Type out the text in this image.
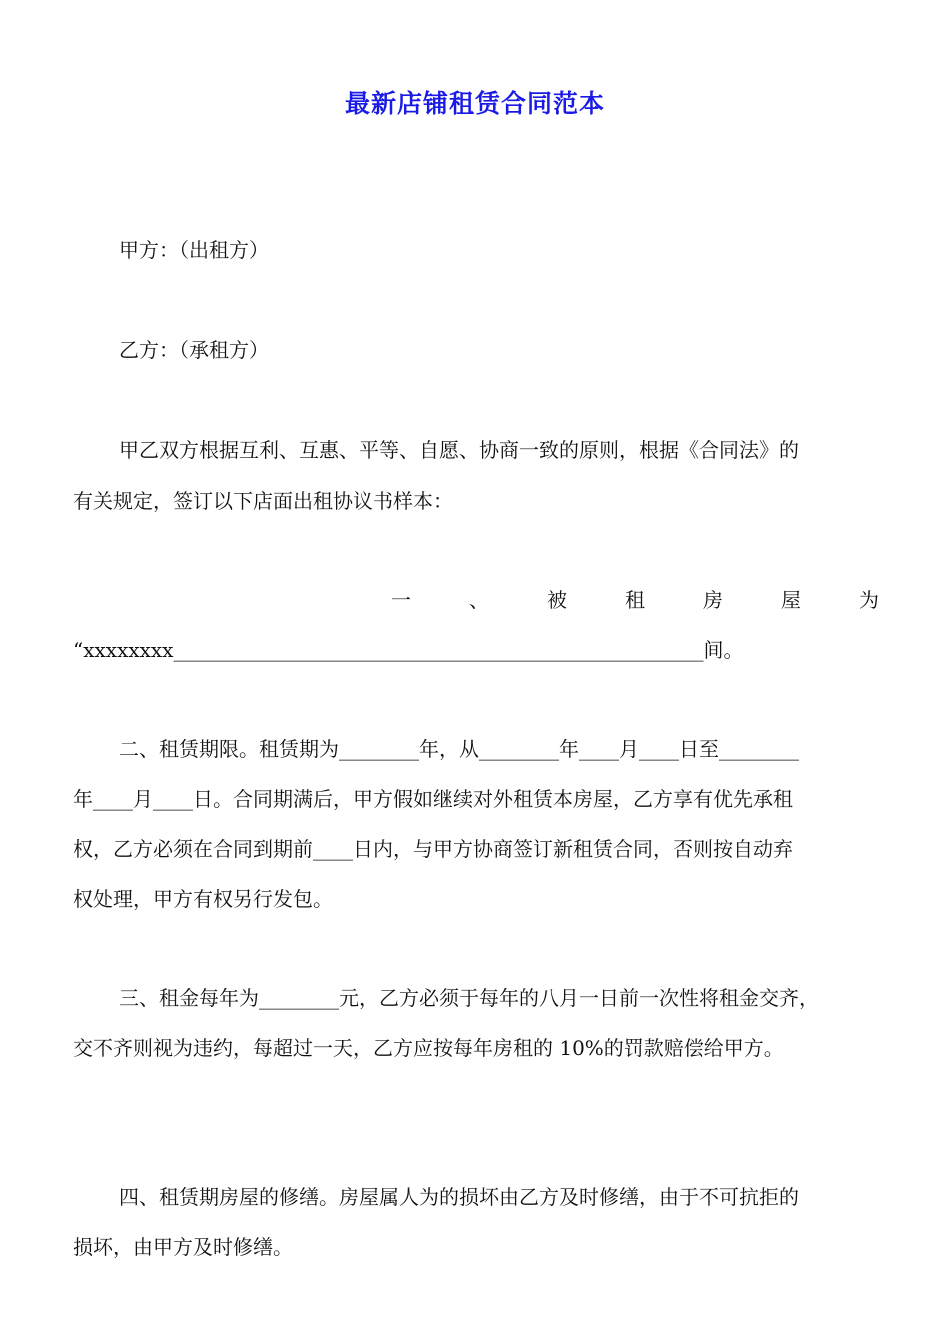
最新店铺租赁合同范本
甲方：（出租方）
乙方：（承租方）
甲乙双方根据互利、互惠、平等、自愿、协商一致的原则，根据《合同法》的
有关规定，签订以下店面出租协议书样本：
一	、	被	租	房	屋	为
“xxxxxxxx_____________________________________________________间。
二、租赁期限。租赁期为________年，从________年____月____日至________
年____月____日。合同期满后，甲方假如继续对外租赁本房屋，乙方享有优先承租
权，乙方必须在合同到期前____日内，与甲方协商签订新租赁合同，否则按自动弃
权处理，甲方有权另行发包。
三、租金每年为________元，乙方必须于每年的八月一日前一次性将租金交齐，
交不齐则视为违约，每超过一天，乙方应按每年房租的 10%的罚款赔偿给甲方。
四、租赁期房屋的修缮。房屋属人为的损坏由乙方及时修缮，由于不可抗拒的
损坏，由甲方及时修缮。
